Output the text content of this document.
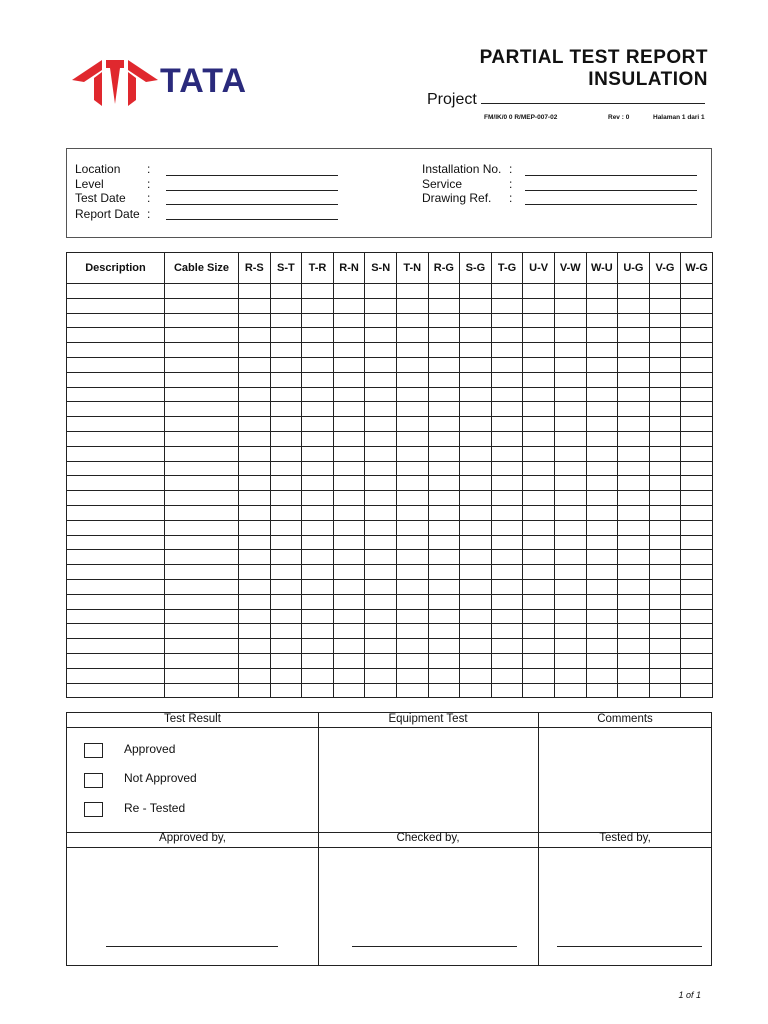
TATA
PARTIAL TEST REPORT
INSULATION
Project
FM/IK/0 0 R/MEP-007-02	Rev : 0	Halaman 1 dari 1
Location :
Level	:
Test Date :
Report Date :
Installation No. :
Service	:
Drawing Ref. :
Description	Cable Size	R-S	S-T	T-R	R-N	S-N	T-N	R-G	S-G	T-G	U-V	V-W	W-U	U-G	V-G	W-G

Test Result	Equipment Test	Comments
Approved
Not Approved
Re - Tested
Approved by,	Checked by,	Tested by,
1 of 1
